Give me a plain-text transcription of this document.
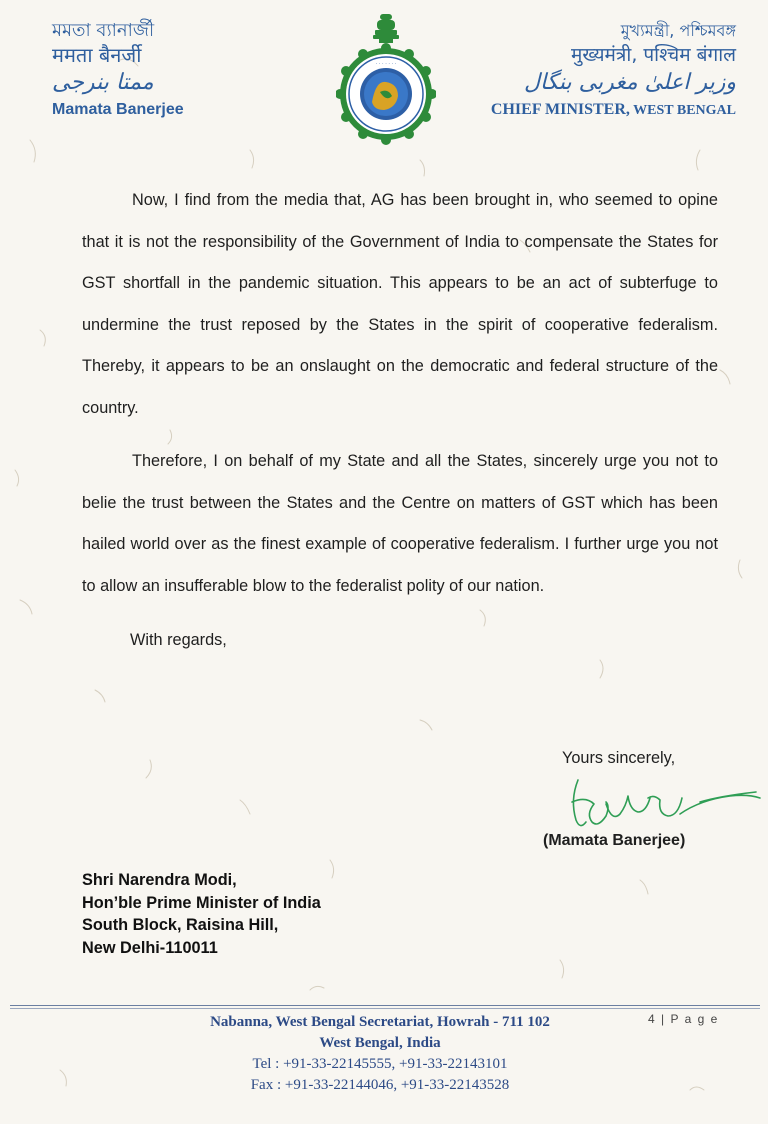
মমতা ব্যানার্জী
ममता बैनर्जी
ممتا بنرجی
Mamata Banerjee
· · · · · · ·
মুখ্যমন্ত্রী, পশ্চিমবঙ্গ
मुख्यमंत्री, पश्चिम बंगाल
وزیر اعلیٰ مغربی بنگال
CHIEF MINISTER, WEST BENGAL

Now, I find from the media that, AG has been brought in, who seemed to opine that it is not the responsibility of the Government of India to compensate the States for GST shortfall in the pandemic situation. This appears to be an act of subterfuge to undermine the trust reposed by the States in the spirit of cooperative federalism. Thereby, it appears to be an onslaught on the democratic and federal structure of the country.

Therefore, I on behalf of my State and all the States, sincerely urge you not to belie the trust between the States and the Centre on matters of GST which has been hailed world over as the finest example of cooperative federalism. I further urge you not to allow an insufferable blow to the federalist polity of our nation.

With regards,

Yours sincerely,
(Mamata Banerjee)
Shri Narendra Modi,
Hon’ble Prime Minister of India
South Block, Raisina Hill,
New Delhi-110011
Nabanna, West Bengal Secretariat, Howrah - 711 102
West Bengal, India
Tel : +91-33-22145555, +91-33-22143101
Fax : +91-33-22144046, +91-33-22143528
4 | P a g e
